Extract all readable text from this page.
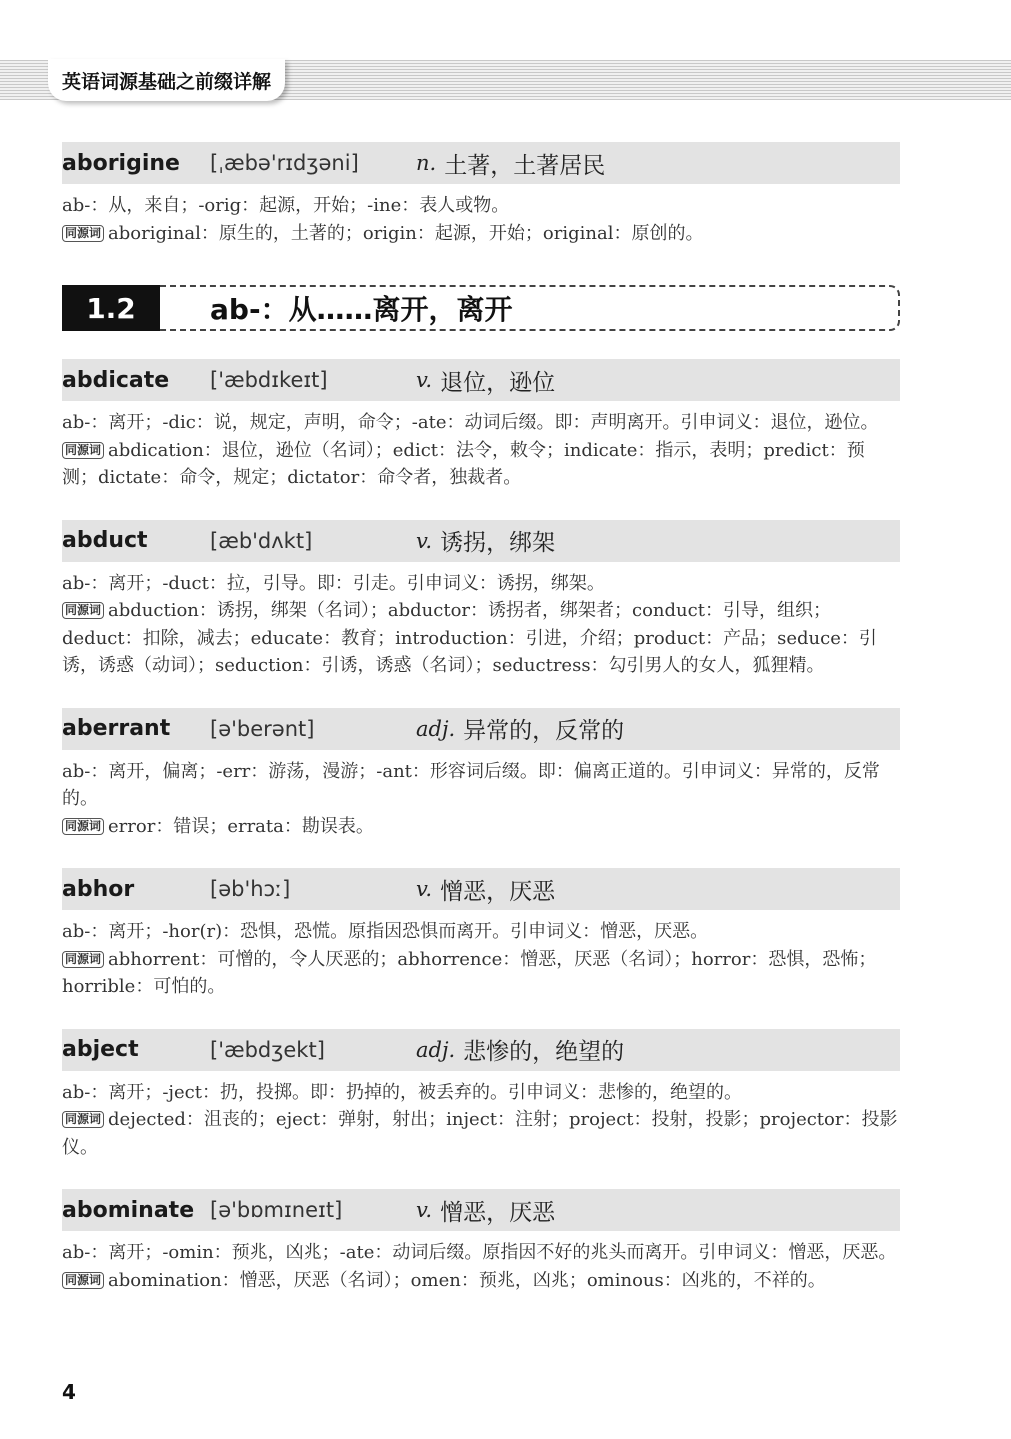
英语词源基础之前缀详解
aborigine	[ˌæbə'rɪdʒəni]	n. 土著，土著居民

ab-：从，来自；-orig：起源，开始；-ine：表人或物。

同源词 aboriginal：原生的，土著的；origin：起源，开始；original：原创的。

1.2	ab-：从……离开，离开
abdicate	['æbdɪkeɪt]	v. 退位，逊位

ab-：离开；-dic：说，规定，声明，命令；-ate：动词后缀。即：声明离开。引申词义：退位，逊位。

同源词 abdication：退位，逊位（名词）；edict：法令，敕令；indicate：指示，表明；predict：预测；dictate：命令，规定；dictator：命令者，独裁者。

abduct	[æb'dʌkt]	v. 诱拐，绑架

ab-：离开；-duct：拉，引导。即：引走。引申词义：诱拐，绑架。

同源词 abduction：诱拐，绑架（名词）；abductor：诱拐者，绑架者；conduct：引导，组织；deduct：扣除，减去；educate：教育；introduction：引进，介绍；product：产品；seduce：引诱，诱惑（动词）；seduction：引诱，诱惑（名词）；seductress：勾引男人的女人，狐狸精。

aberrant	[ə'berənt]	adj. 异常的，反常的

ab-：离开，偏离；-err：游荡，漫游；-ant：形容词后缀。即：偏离正道的。引申词义：异常的，反常的。

同源词 error：错误；errata：勘误表。

abhor	[əb'hɔː]	v. 憎恶，厌恶

ab-：离开；-hor(r)：恐惧，恐慌。原指因恐惧而离开。引申词义：憎恶，厌恶。

同源词 abhorrent：可憎的，令人厌恶的；abhorrence：憎恶，厌恶（名词）；horror：恐惧，恐怖；horrible：可怕的。

abject	['æbdʒekt]	adj. 悲惨的，绝望的

ab-：离开；-ject：扔，投掷。即：扔掉的，被丢弃的。引申词义：悲惨的，绝望的。

同源词 dejected：沮丧的；eject：弹射，射出；inject：注射；project：投射，投影；projector：投影仪。

abominate [ə'bɒmɪneɪt]	v. 憎恶，厌恶

ab-：离开；-omin：预兆，凶兆；-ate：动词后缀。原指因不好的兆头而离开。引申词义：憎恶，厌恶。

同源词 abomination：憎恶，厌恶（名词）；omen：预兆，凶兆；ominous：凶兆的，不祥的。

4
